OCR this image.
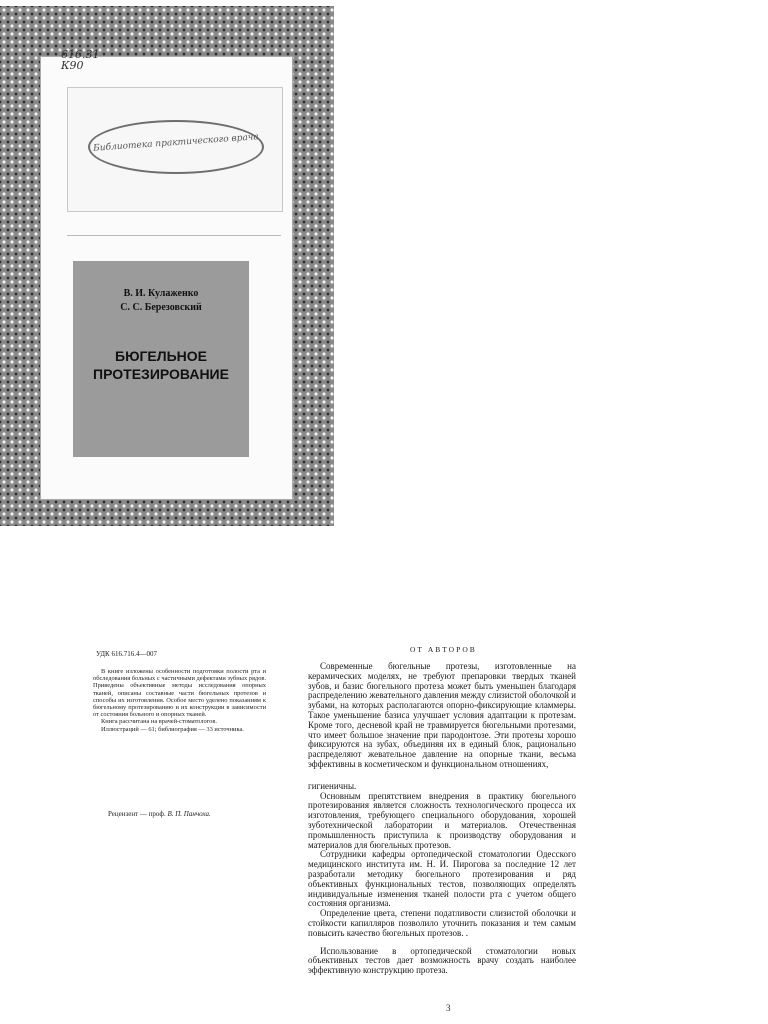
616.31
К90
Библиотека практического врача
В. И. Кулаженко
С. С. Березовский
БЮГЕЛЬНОЕ
ПРОТЕЗИРОВАНИЕ
УДК 616.716.4—007

В книге изложены особенности подготовки полости рта и обследования больных с частичными дефектами зубных рядов. Приведены объективные методы исследования опорных тканей, описаны составные части бюгельных протезов и способы их изготовления. Особое место уделено показаниям к бюгельному протезированию и их конструкции в зависимости от состояния больного и опорных тканей.

Книга рассчитана на врачей-стоматологов.

Иллюстраций — 61; библиография — 33 источника.

Рецензент — проф. В. П. Панчоха.
ОТ АВТОРОВ

Современные бюгельные протезы, изготовленные на керамических моделях, не требуют препаровки твердых тканей зубов, и базис бюгельного протеза может быть уменьшен благодаря распределению жевательного давления между слизистой оболочкой и зубами, на которых располагаются опорно-фиксирующие кламмеры. Такое уменьшение базиса улучшает условия адаптации к протезам. Кроме того, десневой край не травмируется бюгельными протезами, что имеет большое значение при пародонтозе. Эти протезы хорошо фиксируются на зубах, объединяя их в единый блок, рационально распределяют жевательное давление на опорные ткани, весьма эффективны в косметическом и функциональном отношениях,

гигиеничны.

Основным препятствием внедрения в практику бюгельного протезирования является сложность технологического процесса их изготовления, требующего специального оборудования, хорошей зуботехнической лаборатории и материалов. Отечественная промышленность приступила к производству оборудования и материалов для бюгельных протезов.

Сотрудники кафедры ортопедической стоматологии Одесского медицинского института им. Н. И. Пирогова за последние 12 лет разработали методику бюгельного протезирования и ряд объективных функциональных тестов, позволяющих определять индивидуальные изменения тканей полости рта с учетом общего состояния организма.

Определение цвета, степени податливости слизистой оболочки и стойкости капилляров позволило уточнить показания и тем самым повысить качество бюгельных протезов. .

Использование в ортопедической стоматологии новых объективных тестов дает возможность врачу создать наиболее эффективную конструкцию протеза.

3
